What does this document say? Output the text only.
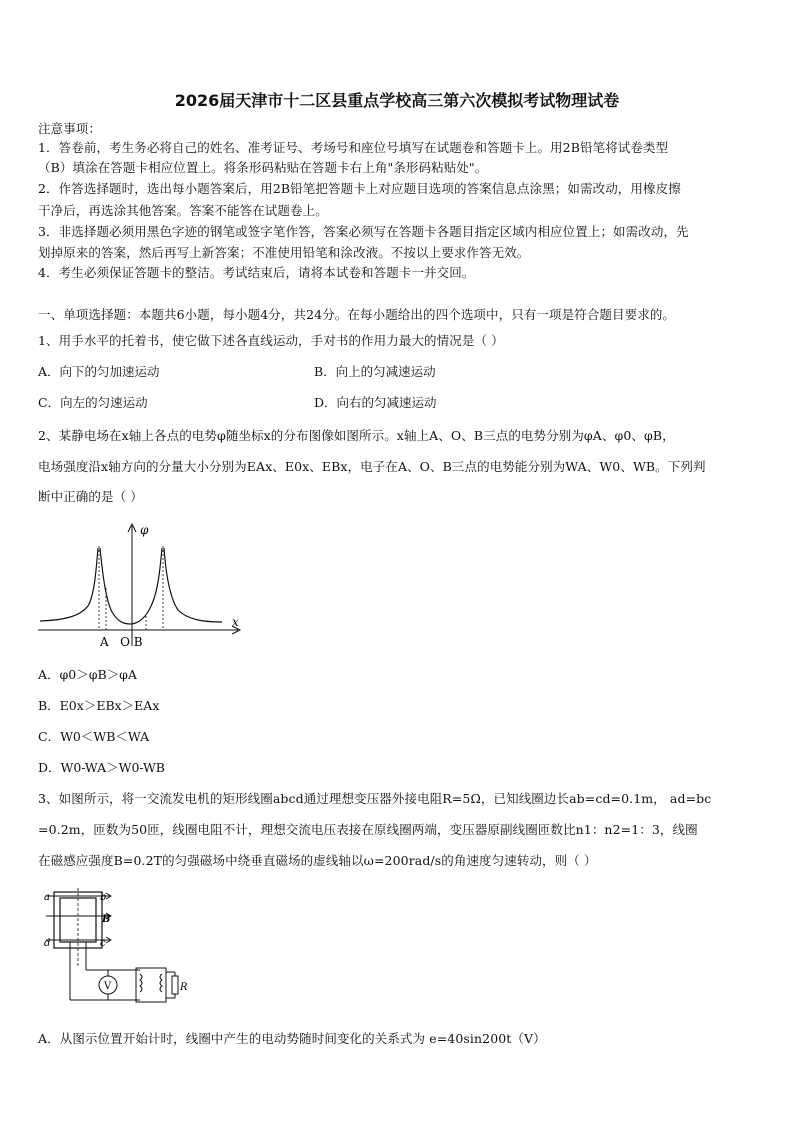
2026届天津市十二区县重点学校高三第六次模拟考试物理试卷
注意事项：
1．答卷前，考生务必将自己的姓名、准考证号、考场号和座位号填写在试题卷和答题卡上。用2B铅笔将试卷类型
（B）填涂在答题卡相应位置上。将条形码粘贴在答题卡右上角"条形码粘贴处"。
2．作答选择题时，选出每小题答案后，用2B铅笔把答题卡上对应题目选项的答案信息点涂黑；如需改动，用橡皮擦
干净后，再选涂其他答案。答案不能答在试题卷上。
3．非选择题必须用黑色字迹的钢笔或签字笔作答，答案必须写在答题卡各题目指定区域内相应位置上；如需改动，先
划掉原来的答案，然后再写上新答案；不准使用铅笔和涂改液。不按以上要求作答无效。
4．考生必须保证答题卡的整洁。考试结束后，请将本试卷和答题卡一并交回。
一、单项选择题：本题共6小题，每小题4分，共24分。在每小题给出的四个选项中，只有一项是符合题目要求的。
1、用手水平的托着书，使它做下述各直线运动，手对书的作用力最大的情况是（ ）
A．向下的匀加速运动	B．向上的匀减速运动
C．向左的匀速运动	D．向右的匀减速运动
2、某静电场在x轴上各点的电势φ随坐标x的分布图像如图所示。x轴上A、O、B三点的电势分别为φA、φ0、φB，
电场强度沿x轴方向的分量大小分别为EAx、E0x、EBx，电子在A、O、B三点的电势能分别为WA、W0、WB。下列判
断中正确的是（ ）
φ
x
A   O B
A．φ0＞φB＞φA
B．E0x＞EBx＞EAx
C．W0＜WB＜WA
D．W0-WA＞W0-WB
3、如图所示，将一交流发电机的矩形线圈abcd通过理想变压器外接电阻R=5Ω，已知线圈边长ab=cd=0.1m， ad=bc
=0.2m，匝数为50匝，线圈电阻不计，理想交流电压表接在原线圈两端，变压器原副线圈匝数比n1：n2=1：3，线圈
在磁感应强度B=0.2T的匀强磁场中绕垂直磁场的虚线轴以ω=200rad/s的角速度匀速转动，则（ ）
a	b
B
d	c
V	R
A．从图示位置开始计时，线圈中产生的电动势随时间变化的关系式为 e=40sin200t（V）
